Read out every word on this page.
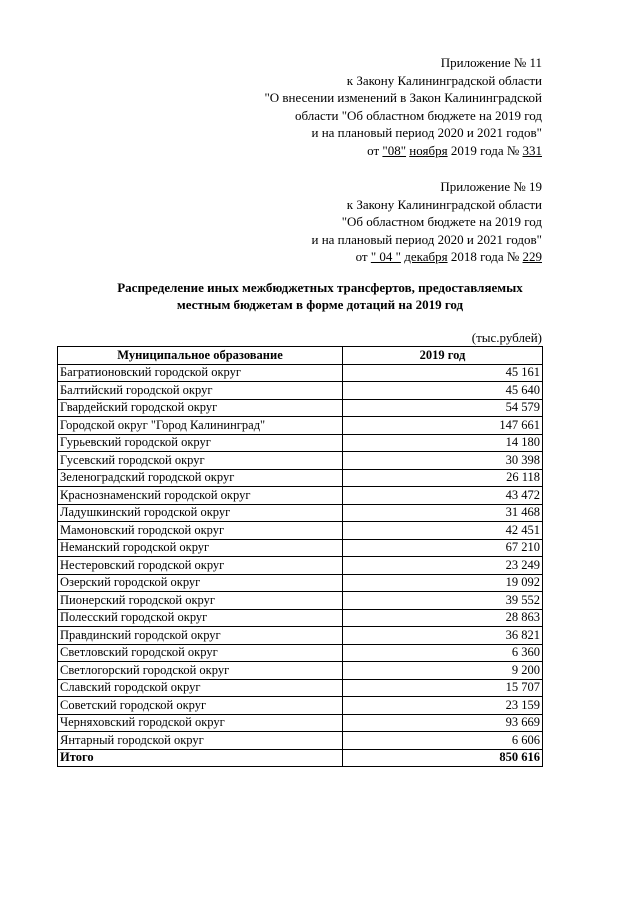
Приложение № 11
к Закону Калининградской области
"О внесении изменений в Закон Калининградской
области "Об областном бюджете на 2019 год
и на плановый период 2020 и 2021 годов"
от "08" ноября 2019 года № 331
Приложение № 19
к Закону Калининградской области
"Об областном бюджете на 2019 год
и на плановый период 2020 и 2021 годов"
от " 04 " декабря 2018 года № 229
Распределение иных межбюджетных трансфертов, предоставляемых
местным бюджетам в форме дотаций на 2019 год
(тыс.рублей)
Муниципальное образование	2019 год
Багратионовский городской округ	45 161
Балтийский городской округ	45 640
Гвардейский городской округ	54 579
Городской округ "Город Калининград"	147 661
Гурьевский городской округ	14 180
Гусевский городской округ	30 398
Зеленоградский городской округ	26 118
Краснознаменский городской округ	43 472
Ладушкинский городской округ	31 468
Мамоновский городской округ	42 451
Неманский городской округ	67 210
Нестеровский городской округ	23 249
Озерский городской округ	19 092
Пионерский городской округ	39 552
Полесский городской округ	28 863
Правдинский городской округ	36 821
Светловский городской округ	6 360
Светлогорский городской округ	9 200
Славский городской округ	15 707
Советский городской округ	23 159
Черняховский городской округ	93 669
Янтарный городской округ	6 606
Итого	850 616
